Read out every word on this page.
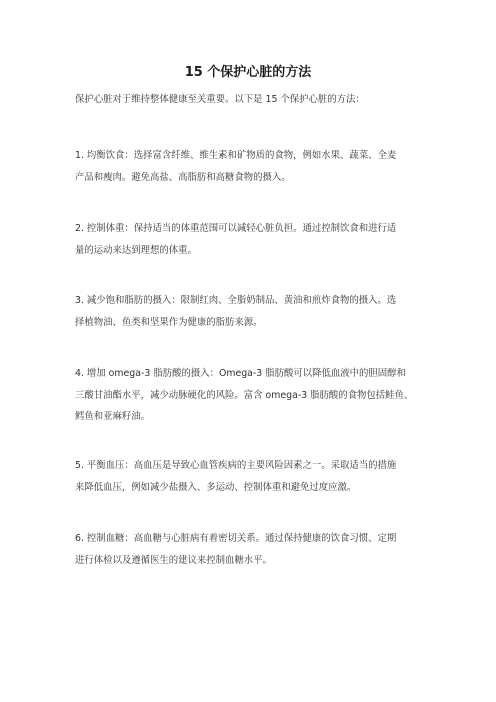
15 个保护心脏的方法
保护心脏对于维持整体健康至关重要。以下是 15 个保护心脏的方法：
1. 均衡饮食：选择富含纤维、维生素和矿物质的食物，例如水果、蔬菜、全麦
产品和瘦肉。避免高盐、高脂肪和高糖食物的摄入。
2. 控制体重：保持适当的体重范围可以减轻心脏负担。通过控制饮食和进行适
量的运动来达到理想的体重。
3. 减少饱和脂肪的摄入：限制红肉、全脂奶制品、黄油和煎炸食物的摄入。选
择植物油、鱼类和坚果作为健康的脂肪来源。
4. 增加 omega-3 脂肪酸的摄入：Omega-3 脂肪酸可以降低血液中的胆固醇和
三酸甘油酯水平，减少动脉硬化的风险。富含 omega-3 脂肪酸的食物包括鲑鱼、
鳕鱼和亚麻籽油。
5. 平衡血压：高血压是导致心血管疾病的主要风险因素之一。采取适当的措施
来降低血压，例如减少盐摄入、多运动、控制体重和避免过度应激。
6. 控制血糖：高血糖与心脏病有着密切关系。通过保持健康的饮食习惯、定期
进行体检以及遵循医生的建议来控制血糖水平。
